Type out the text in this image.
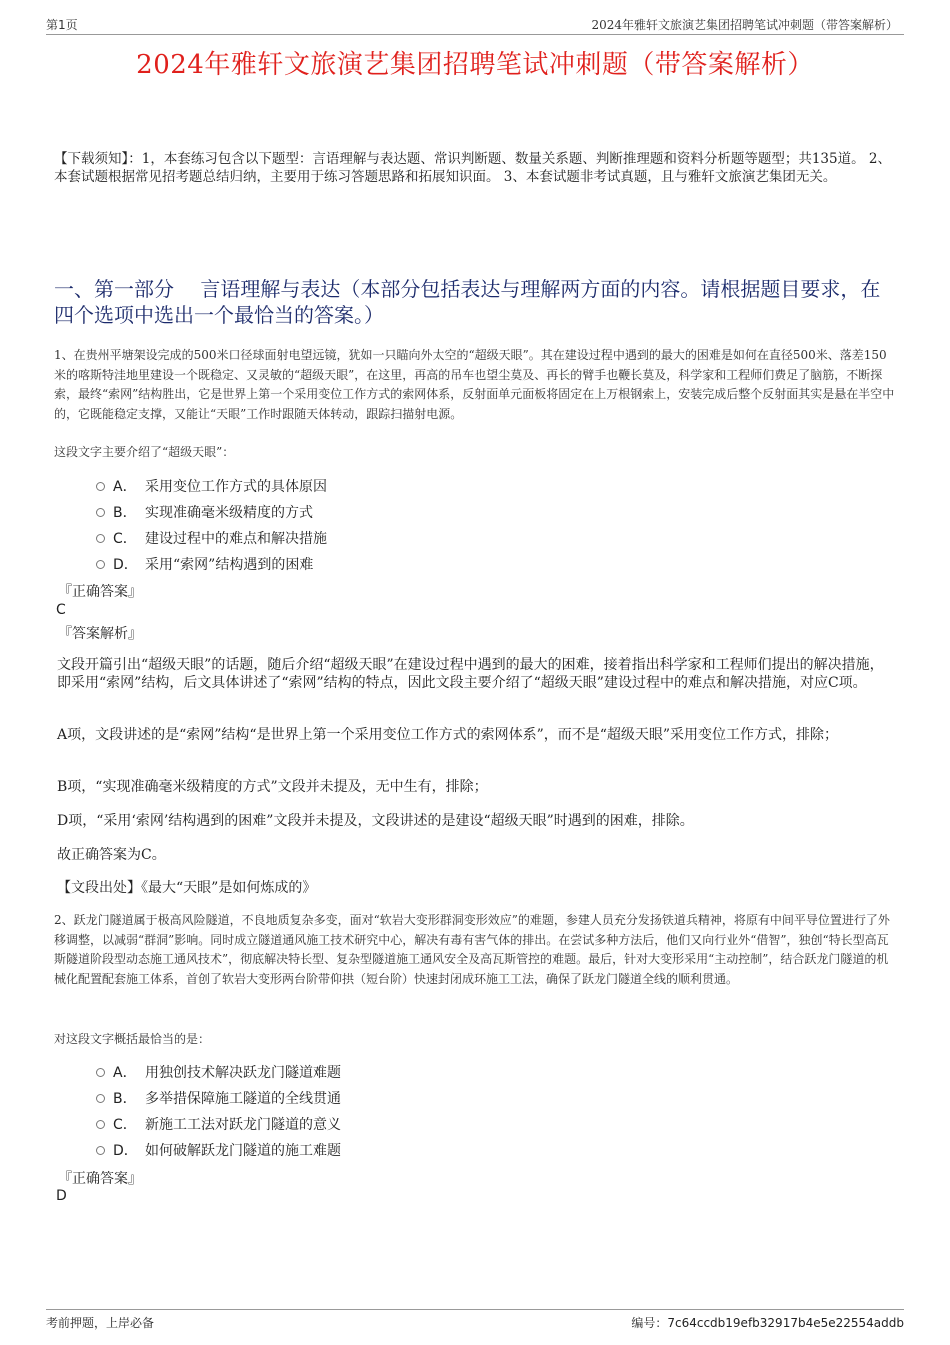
第1页	2024年雅轩文旅演艺集团招聘笔试冲刺题（带答案解析）
2024年雅轩文旅演艺集团招聘笔试冲刺题（带答案解析）
【下载须知】：1，本套练习包含以下题型：言语理解与表达题、常识判断题、数量关系题、判断推理题和资料分析题等题型；共135道。 2、本套试题根据常见招考题总结归纳，主要用于练习答题思路和拓展知识面。 3、本套试题非考试真题，且与雅轩文旅演艺集团无关。
一、第一部分　 言语理解与表达（本部分包括表达与理解两方面的内容。请根据题目要求，在四个选项中选出一个最恰当的答案。）
1、在贵州平塘架设完成的500米口径球面射电望远镜，犹如一只瞄向外太空的“超级天眼”。其在建设过程中遇到的最大的困难是如何在直径500米、落差150米的喀斯特洼地里建设一个既稳定、又灵敏的“超级天眼”，在这里，再高的吊车也望尘莫及、再长的臂手也鞭长莫及，科学家和工程师们费足了脑筋，不断探索，最终“索网”结构胜出，它是世界上第一个采用变位工作方式的索网体系，反射面单元面板将固定在上万根钢索上，安装完成后整个反射面其实是悬在半空中的，它既能稳定支撑，又能让“天眼”工作时跟随天体转动，跟踪扫描射电源。
这段文字主要介绍了“超级天眼”：
A． 采用变位工作方式的具体原因
B． 实现准确毫米级精度的方式
C． 建设过程中的难点和解决措施
D． 采用“索网”结构遇到的困难
『正确答案』
C
『答案解析』
文段开篇引出“超级天眼”的话题，随后介绍“超级天眼”在建设过程中遇到的最大的困难，接着指出科学家和工程师们提出的解决措施，即采用“索网”结构，后文具体讲述了“索网”结构的特点，因此文段主要介绍了“超级天眼”建设过程中的难点和解决措施，对应C项。
A项，文段讲述的是“索网”结构“是世界上第一个采用变位工作方式的索网体系”，而不是“超级天眼”采用变位工作方式，排除；
B项，“实现准确毫米级精度的方式”文段并未提及，无中生有，排除；
D项，“采用‘索网’结构遇到的困难”文段并未提及，文段讲述的是建设“超级天眼”时遇到的困难，排除。
故正确答案为C。
【文段出处】《最大“天眼”是如何炼成的》
2、跃龙门隧道属于极高风险隧道，不良地质复杂多变，面对“软岩大变形群洞变形效应”的难题，参建人员充分发扬铁道兵精神，将原有中间平导位置进行了外移调整，以减弱“群洞”影响。同时成立隧道通风施工技术研究中心，解决有毒有害气体的排出。在尝试多种方法后，他们又向行业外“借智”，独创“特长型高瓦斯隧道阶段型动态施工通风技术”，彻底解决特长型、复杂型隧道施工通风安全及高瓦斯管控的难题。最后，针对大变形采用“主动控制”，结合跃龙门隧道的机械化配置配套施工体系，首创了软岩大变形两台阶带仰拱（短台阶）快速封闭成环施工工法，确保了跃龙门隧道全线的顺利贯通。
对这段文字概括最恰当的是：
A． 用独创技术解决跃龙门隧道难题
B． 多举措保障施工隧道的全线贯通
C． 新施工工法对跃龙门隧道的意义
D． 如何破解跃龙门隧道的施工难题
『正确答案』
D
考前押题，上岸必备	编号：7c64ccdb19efb32917b4e5e22554addb
